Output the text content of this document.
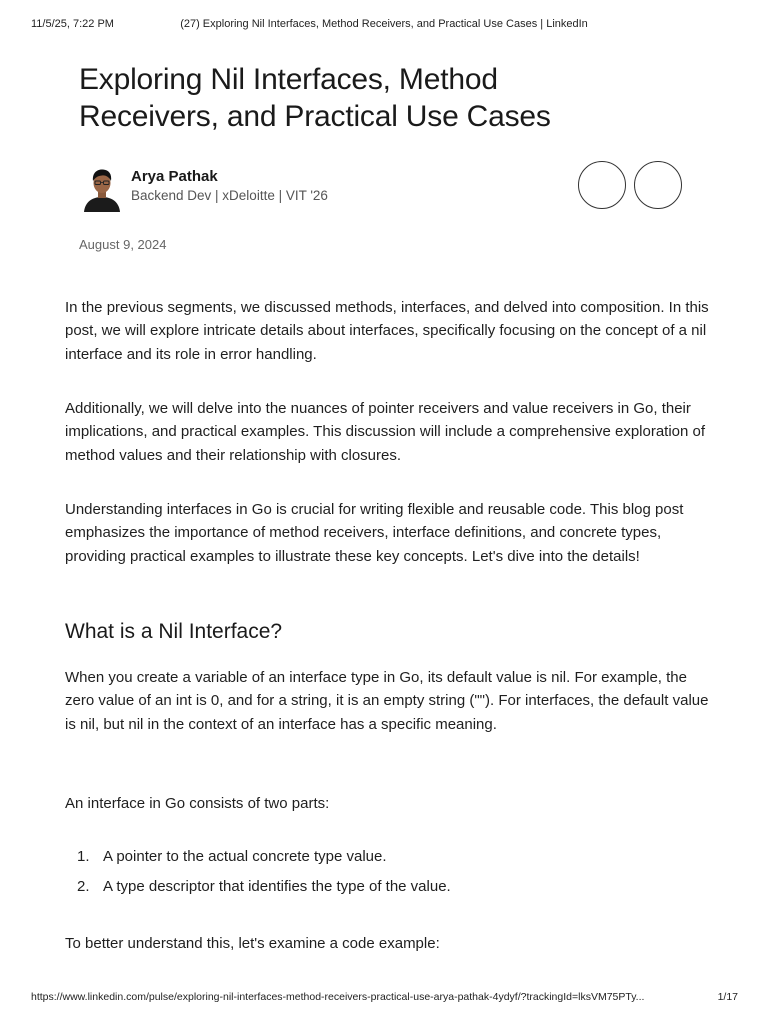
11/5/25, 7:22 PM	(27) Exploring Nil Interfaces, Method Receivers, and Practical Use Cases | LinkedIn
Exploring Nil Interfaces, Method Receivers, and Practical Use Cases
Arya Pathak
Backend Dev | xDeloitte | VIT '26
August 9, 2024

In the previous segments, we discussed methods, interfaces, and delved into composition. In this post, we will explore intricate details about interfaces, specifically focusing on the concept of a nil interface and its role in error handling.

Additionally, we will delve into the nuances of pointer receivers and value receivers in Go, their implications, and practical examples. This discussion will include a comprehensive exploration of method values and their relationship with closures.

Understanding interfaces in Go is crucial for writing flexible and reusable code. This blog post emphasizes the importance of method receivers, interface definitions, and concrete types, providing practical examples to illustrate these key concepts. Let's dive into the details!

What is a Nil Interface?

When you create a variable of an interface type in Go, its default value is nil. For example, the zero value of an int is 0, and for a string, it is an empty string (""). For interfaces, the default value is nil, but nil in the context of an interface has a specific meaning.

An interface in Go consists of two parts:

1. A pointer to the actual concrete type value.
2. A type descriptor that identifies the type of the value.

To better understand this, let's examine a code example:

https://www.linkedin.com/pulse/exploring-nil-interfaces-method-receivers-practical-use-arya-pathak-4ydyf/?trackingId=lksVM75PTy...	1/17
